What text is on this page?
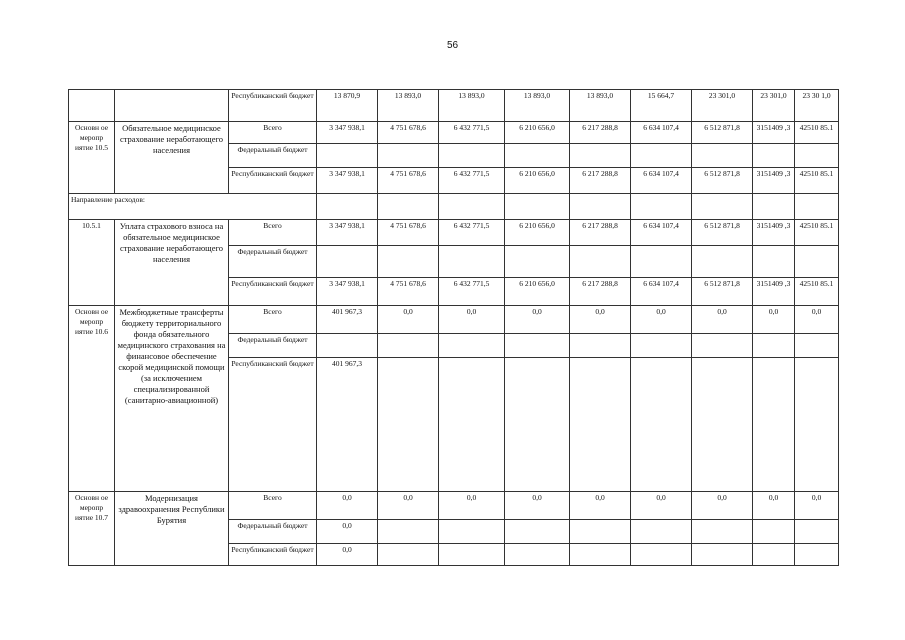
56
		Республиканский бюджет	13 870,9	13 893,0	13 893,0	13 893,0	13 893,0	15 664,7	23 301,0	23 301,0	23 30 1,0
Основн ое меропр иятие 10.5	Обязательное медицинское страхование неработающего населения	Всего	3 347 938,1	4 751 678,6	6 432 771,5	6 210 656,0	6 217 288,8	6 634 107,4	6 512 871,8	3151409 ,3	42510 85.1
		Федеральный бюджет									
		Республиканский бюджет	3 347 938,1	4 751 678,6	6 432 771,5	6 210 656,0	6 217 288,8	6 634 107,4	6 512 871,8	3151409 ,3	42510 85.1
Направление расходов:											
10.5.1	Уплата страхового взноса на обязательное медицинское страхование неработающего населения	Всего	3 347 938,1	4 751 678,6	6 432 771,5	6 210 656,0	6 217 288,8	6 634 107,4	6 512 871,8	3151409 ,3	42510 85.1
		Федеральный бюджет									
		Республиканский бюджет	3 347 938,1	4 751 678,6	6 432 771,5	6 210 656,0	6 217 288,8	6 634 107,4	6 512 871,8	3151409 ,3	42510 85.1
Основн ое меропр иятие 10.6	Межбюджетные трансферты бюджету территориального фонда обязательного медицинского страхования на финансовое обеспечение скорой медицинской помощи (за исключением специализированной (санитарно-авиационной)	Всего	401 967,3	0,0	0,0	0,0	0,0	0,0	0,0	0,0	0,0
		Федеральный бюджет									
		Республиканский бюджет	401 967,3								
Основн ое меропр иятие 10.7	Модернизация здравоохранения Республики Бурятия	Всего	0,0	0,0	0,0	0,0	0,0	0,0	0,0	0,0	0,0
		Федеральный бюджет	0,0								
		Республиканский бюджет	0,0								
